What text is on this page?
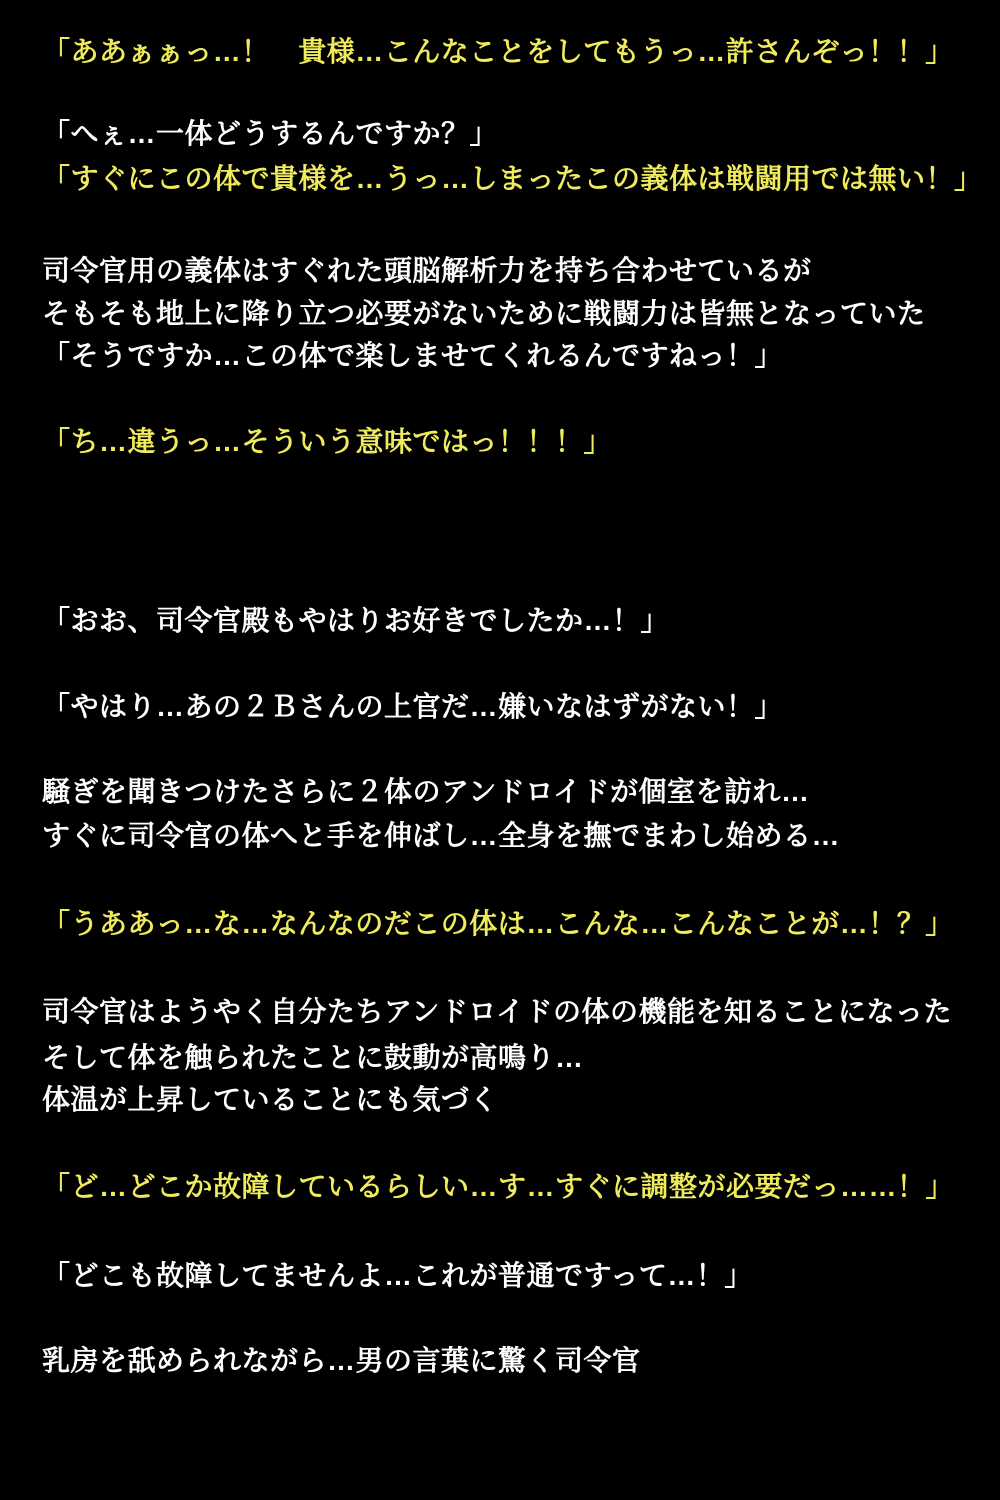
「ああぁぁっ…！　貴様…こんなことをしてもうっ…許さんぞっ！！」
「へぇ…一体どうするんですか？」
「すぐにこの体で貴様を…うっ…しまったこの義体は戦闘用では無い！」
司令官用の義体はすぐれた頭脳解析力を持ち合わせているが
そもそも地上に降り立つ必要がないために戦闘力は皆無となっていた
「そうですか…この体で楽しませてくれるんですねっ！」
「ち…違うっ…そういう意味ではっ！！！」
「おお、司令官殿もやはりお好きでしたか…！」
「やはり…あの２Ｂさんの上官だ…嫌いなはずがない！」
騒ぎを聞きつけたさらに２体のアンドロイドが個室を訪れ…
すぐに司令官の体へと手を伸ばし…全身を撫でまわし始める…
「うああっ…な…なんなのだこの体は…こんな…こんなことが…！？」
司令官はようやく自分たちアンドロイドの体の機能を知ることになった
そして体を触られたことに鼓動が高鳴り…
体温が上昇していることにも気づく
「ど…どこか故障しているらしい…す…すぐに調整が必要だっ……！」
「どこも故障してませんよ…これが普通ですって…！」
乳房を舐められながら…男の言葉に驚く司令官
